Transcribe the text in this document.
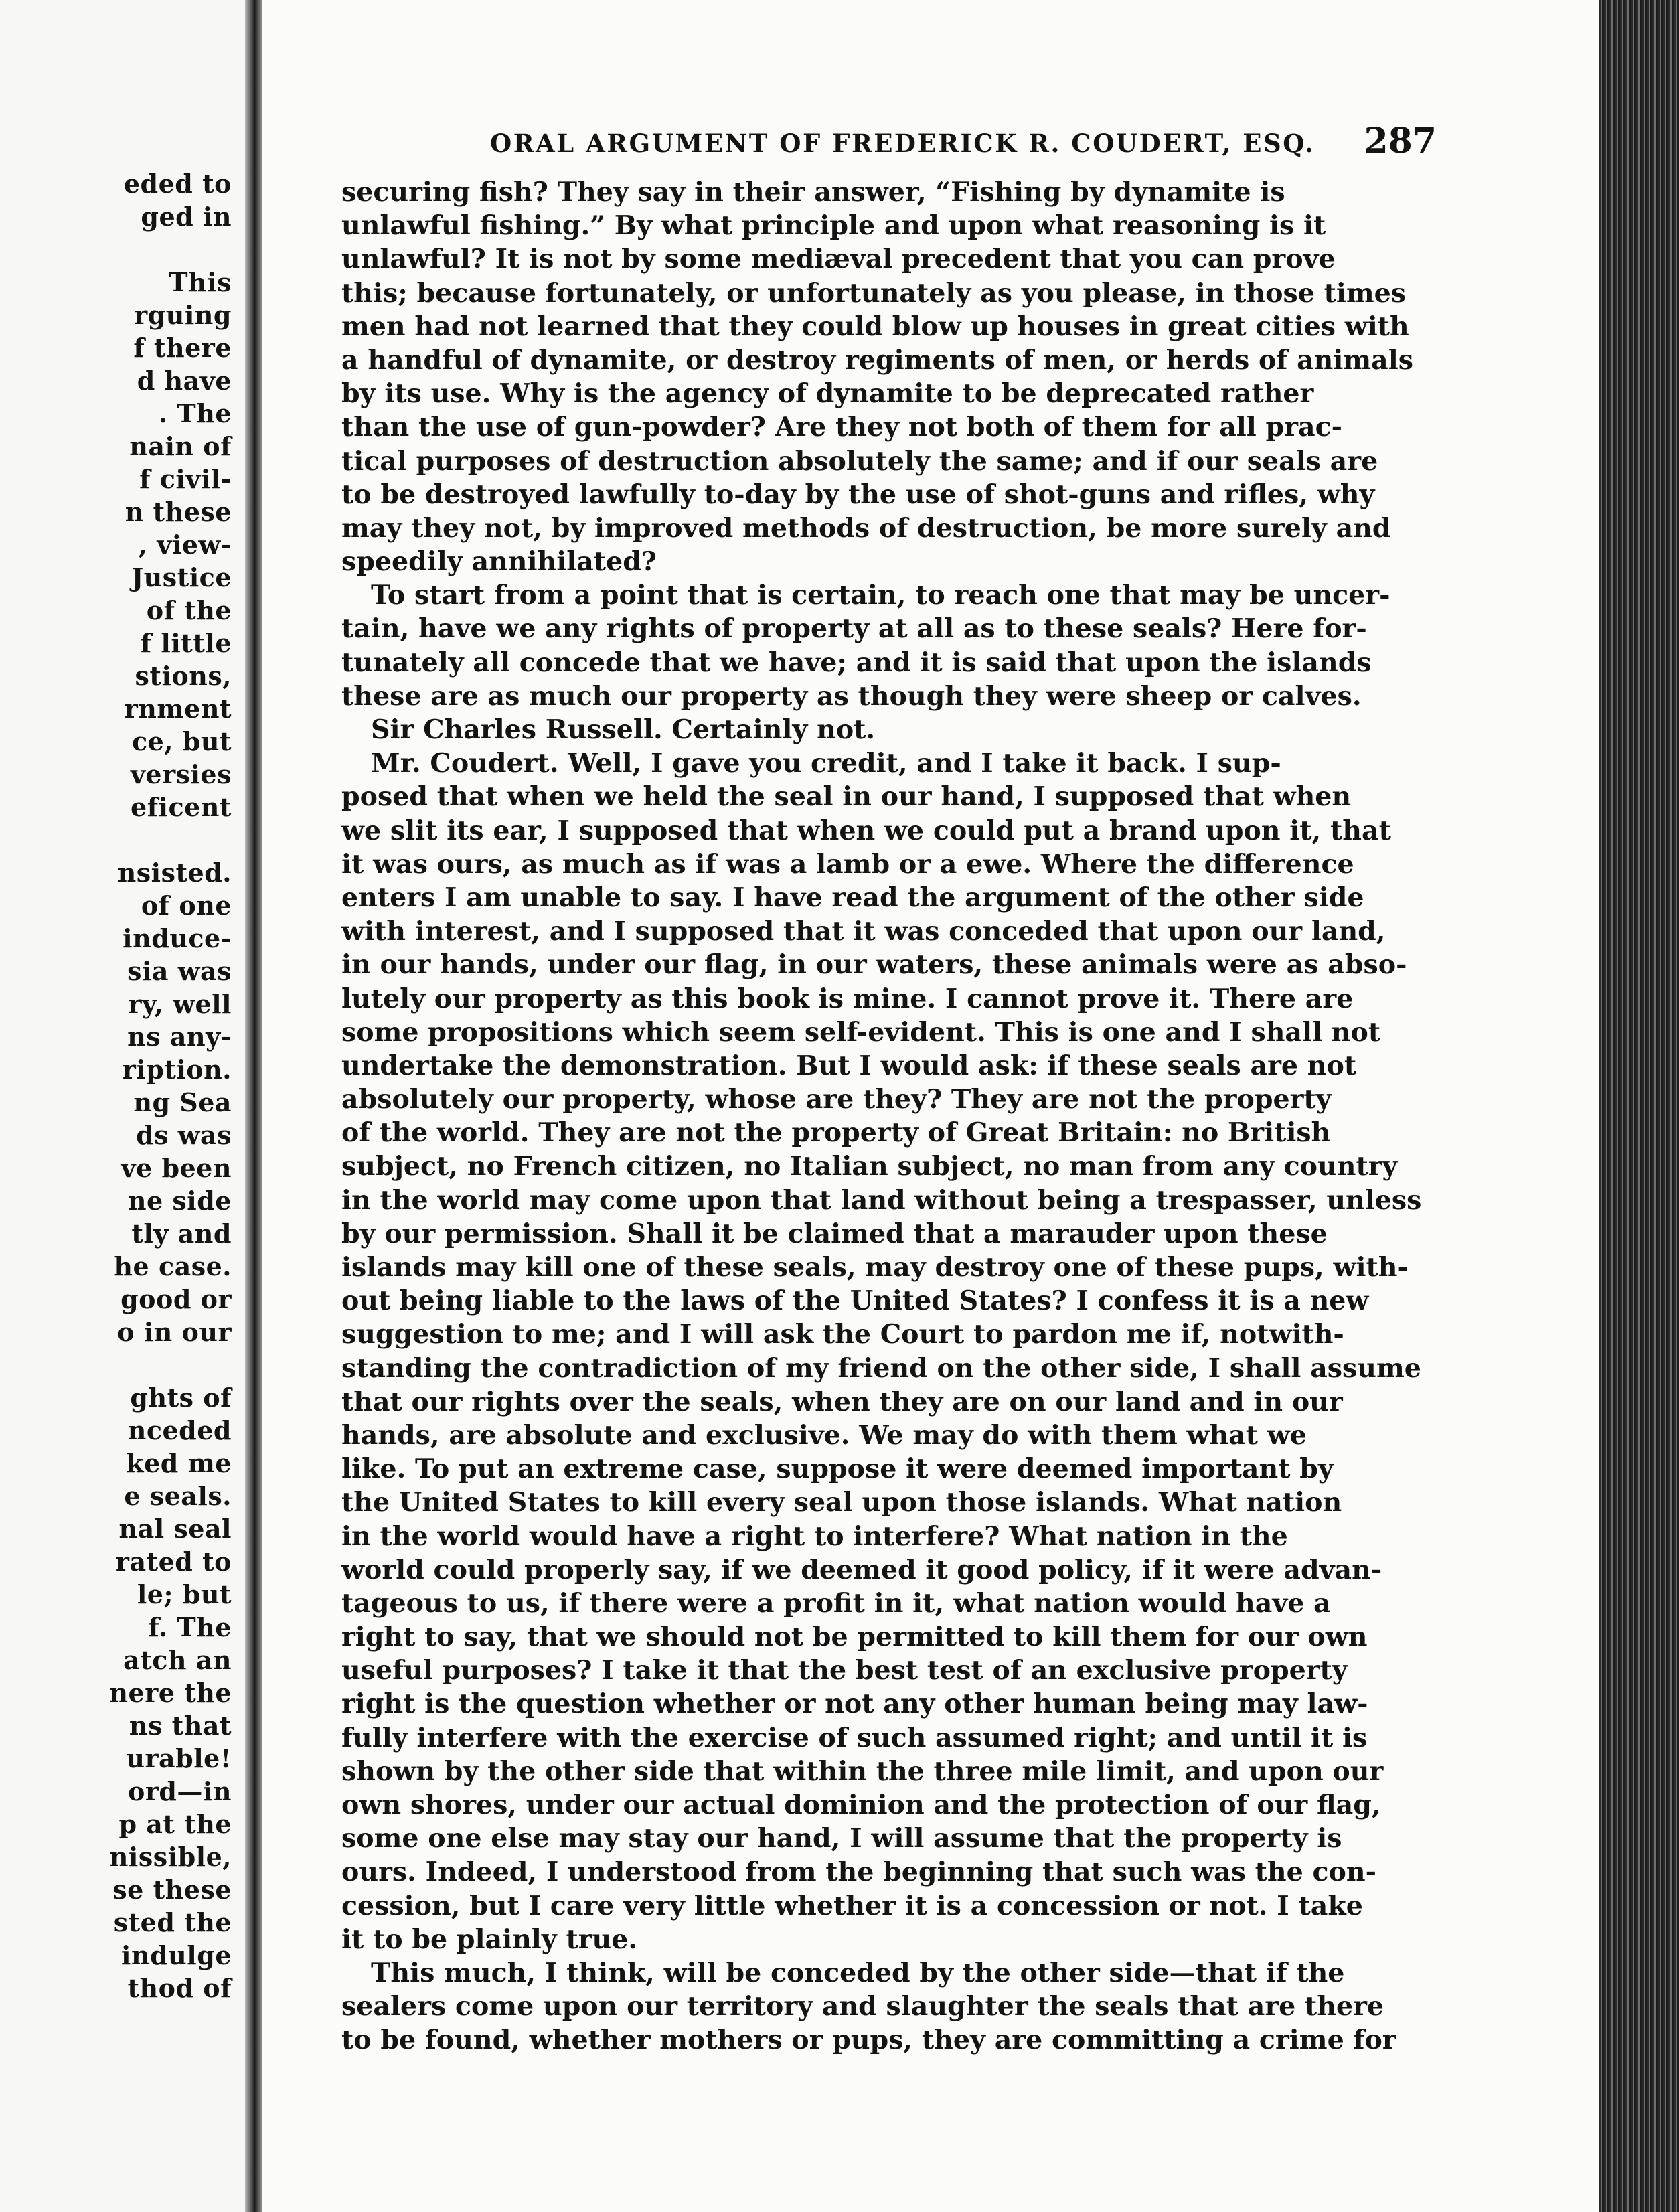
eded to
ged in
This
rguing
f there
d have
. The
nain of
f civil-
n these
, view-
Justice
of the
f little
stions,
rnment
ce, but
versies
eficent
nsisted.
of one
induce-
sia was
ry, well
ns any-
ription.
ng Sea
ds was
ve been
ne side
tly and
he case.
good or
o in our
ghts of
nceded
ked me
e seals.
nal seal
rated to
le; but
f. The
atch an
nere the
ns that
urable!
ord—in
p at the
nissible,
se these
sted the
indulge
thod of
ORAL ARGUMENT OF FREDERICK R. COUDERT, ESQ. 287
securing fish? They say in their answer, “Fishing by dynamite is
unlawful fishing.” By what principle and upon what reasoning is it
unlawful? It is not by some mediæval precedent that you can prove
this; because fortunately, or unfortunately as you please, in those times
men had not learned that they could blow up houses in great cities with
a handful of dynamite, or destroy regiments of men, or herds of animals
by its use. Why is the agency of dynamite to be deprecated rather
than the use of gun-powder? Are they not both of them for all prac-
tical purposes of destruction absolutely the same; and if our seals are
to be destroyed lawfully to-day by the use of shot-guns and rifles, why
may they not, by improved methods of destruction, be more surely and
speedily annihilated?
To start from a point that is certain, to reach one that may be uncer-
tain, have we any rights of property at all as to these seals? Here for-
tunately all concede that we have; and it is said that upon the islands
these are as much our property as though they were sheep or calves.
Sir Charles Russell. Certainly not.
Mr. Coudert. Well, I gave you credit, and I take it back. I sup-
posed that when we held the seal in our hand, I supposed that when
we slit its ear, I supposed that when we could put a brand upon it, that
it was ours, as much as if was a lamb or a ewe. Where the difference
enters I am unable to say. I have read the argument of the other side
with interest, and I supposed that it was conceded that upon our land,
in our hands, under our flag, in our waters, these animals were as abso-
lutely our property as this book is mine. I cannot prove it. There are
some propositions which seem self-evident. This is one and I shall not
undertake the demonstration. But I would ask: if these seals are not
absolutely our property, whose are they? They are not the property
of the world. They are not the property of Great Britain: no British
subject, no French citizen, no Italian subject, no man from any country
in the world may come upon that land without being a trespasser, unless
by our permission. Shall it be claimed that a marauder upon these
islands may kill one of these seals, may destroy one of these pups, with-
out being liable to the laws of the United States? I confess it is a new
suggestion to me; and I will ask the Court to pardon me if, notwith-
standing the contradiction of my friend on the other side, I shall assume
that our rights over the seals, when they are on our land and in our
hands, are absolute and exclusive. We may do with them what we
like. To put an extreme case, suppose it were deemed important by
the United States to kill every seal upon those islands. What nation
in the world would have a right to interfere? What nation in the
world could properly say, if we deemed it good policy, if it were advan-
tageous to us, if there were a profit in it, what nation would have a
right to say, that we should not be permitted to kill them for our own
useful purposes? I take it that the best test of an exclusive property
right is the question whether or not any other human being may law-
fully interfere with the exercise of such assumed right; and until it is
shown by the other side that within the three mile limit, and upon our
own shores, under our actual dominion and the protection of our flag,
some one else may stay our hand, I will assume that the property is
ours. Indeed, I understood from the beginning that such was the con-
cession, but I care very little whether it is a concession or not. I take
it to be plainly true.
This much, I think, will be conceded by the other side—that if the
sealers come upon our territory and slaughter the seals that are there
to be found, whether mothers or pups, they are committing a crime for
